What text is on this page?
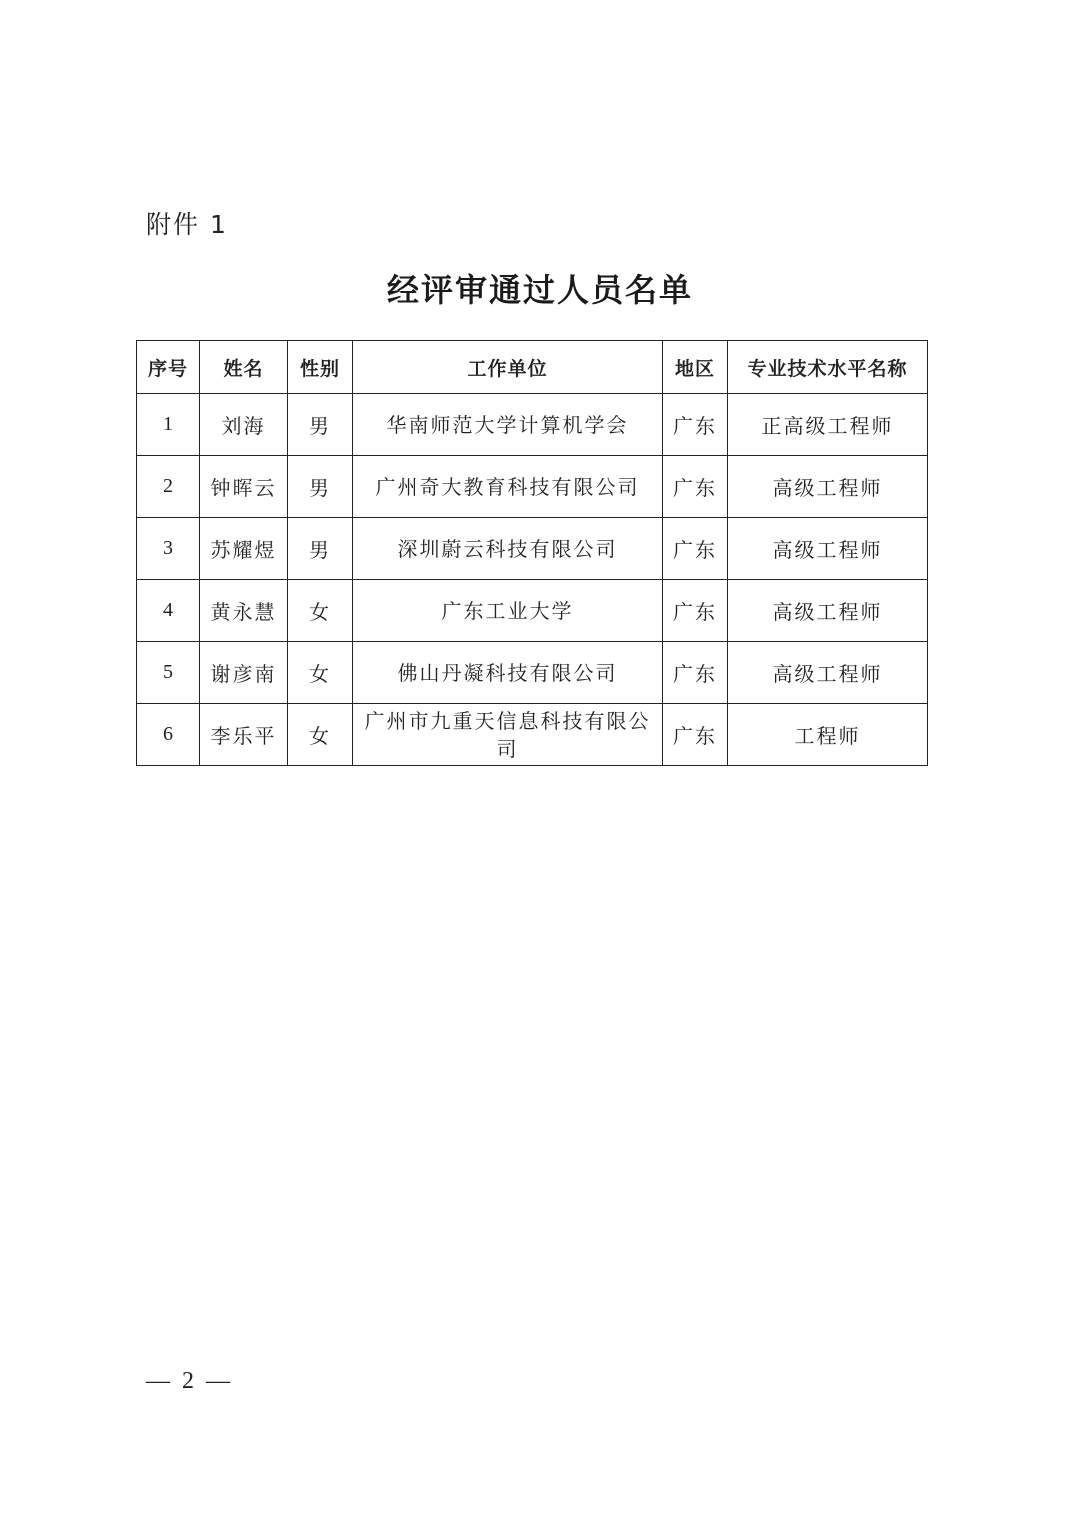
附件 1
经评审通过人员名单
序号	姓名	性别	工作单位	地区	专业技术水平名称
1	刘海	男	华南师范大学计算机学会	广东	正高级工程师
2	钟晖云	男	广州奇大教育科技有限公司	广东	高级工程师
3	苏耀煜	男	深圳蔚云科技有限公司	广东	高级工程师
4	黄永慧	女	广东工业大学	广东	高级工程师
5	谢彦南	女	佛山丹凝科技有限公司	广东	高级工程师
6	李乐平	女	广州市九重天信息科技有限公司	广东	工程师
—  2  —
